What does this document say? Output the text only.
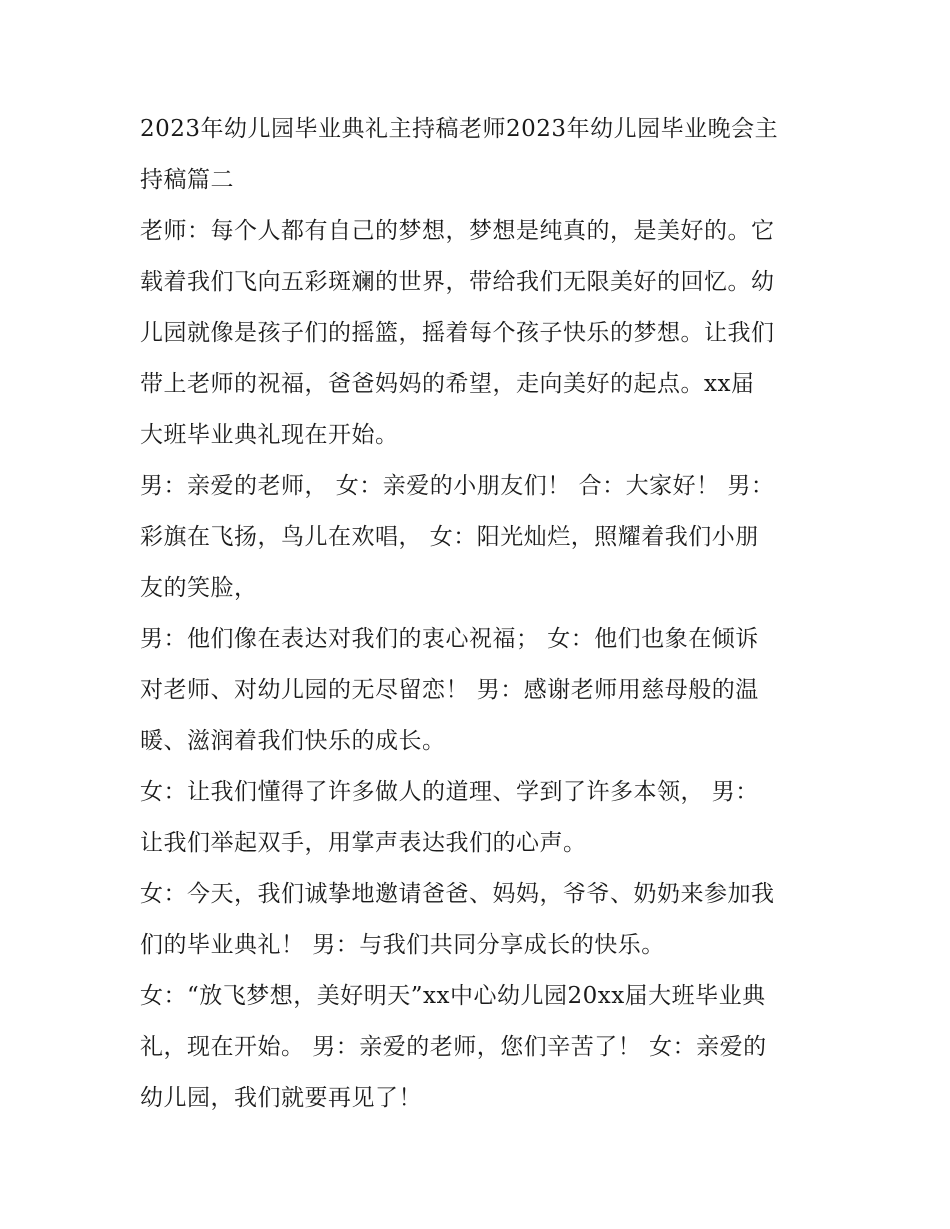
2023年幼儿园毕业典礼主持稿老师2023年幼儿园毕业晚会主
持稿篇二

老师：每个人都有自己的梦想，梦想是纯真的，是美好的。它
载着我们飞向五彩斑斓的世界，带给我们无限美好的回忆。幼
儿园就像是孩子们的摇篮，摇着每个孩子快乐的梦想。让我们
带上老师的祝福，爸爸妈妈的希望，走向美好的起点。xx届
大班毕业典礼现在开始。

男：亲爱的老师， 女：亲爱的小朋友们！ 合：大家好！ 男：
彩旗在飞扬，鸟儿在欢唱， 女：阳光灿烂，照耀着我们小朋
友的笑脸，

男：他们像在表达对我们的衷心祝福； 女：他们也象在倾诉
对老师、对幼儿园的无尽留恋！ 男：感谢老师用慈母般的温
暖、滋润着我们快乐的成长。

女：让我们懂得了许多做人的道理、学到了许多本领， 男：
让我们举起双手，用掌声表达我们的心声。

女：今天，我们诚挚地邀请爸爸、妈妈，爷爷、奶奶来参加我
们的毕业典礼！ 男：与我们共同分享成长的快乐。

女：“放飞梦想，美好明天”xx中心幼儿园20xx届大班毕业典
礼，现在开始。 男：亲爱的老师，您们辛苦了！ 女：亲爱的
幼儿园，我们就要再见了！
